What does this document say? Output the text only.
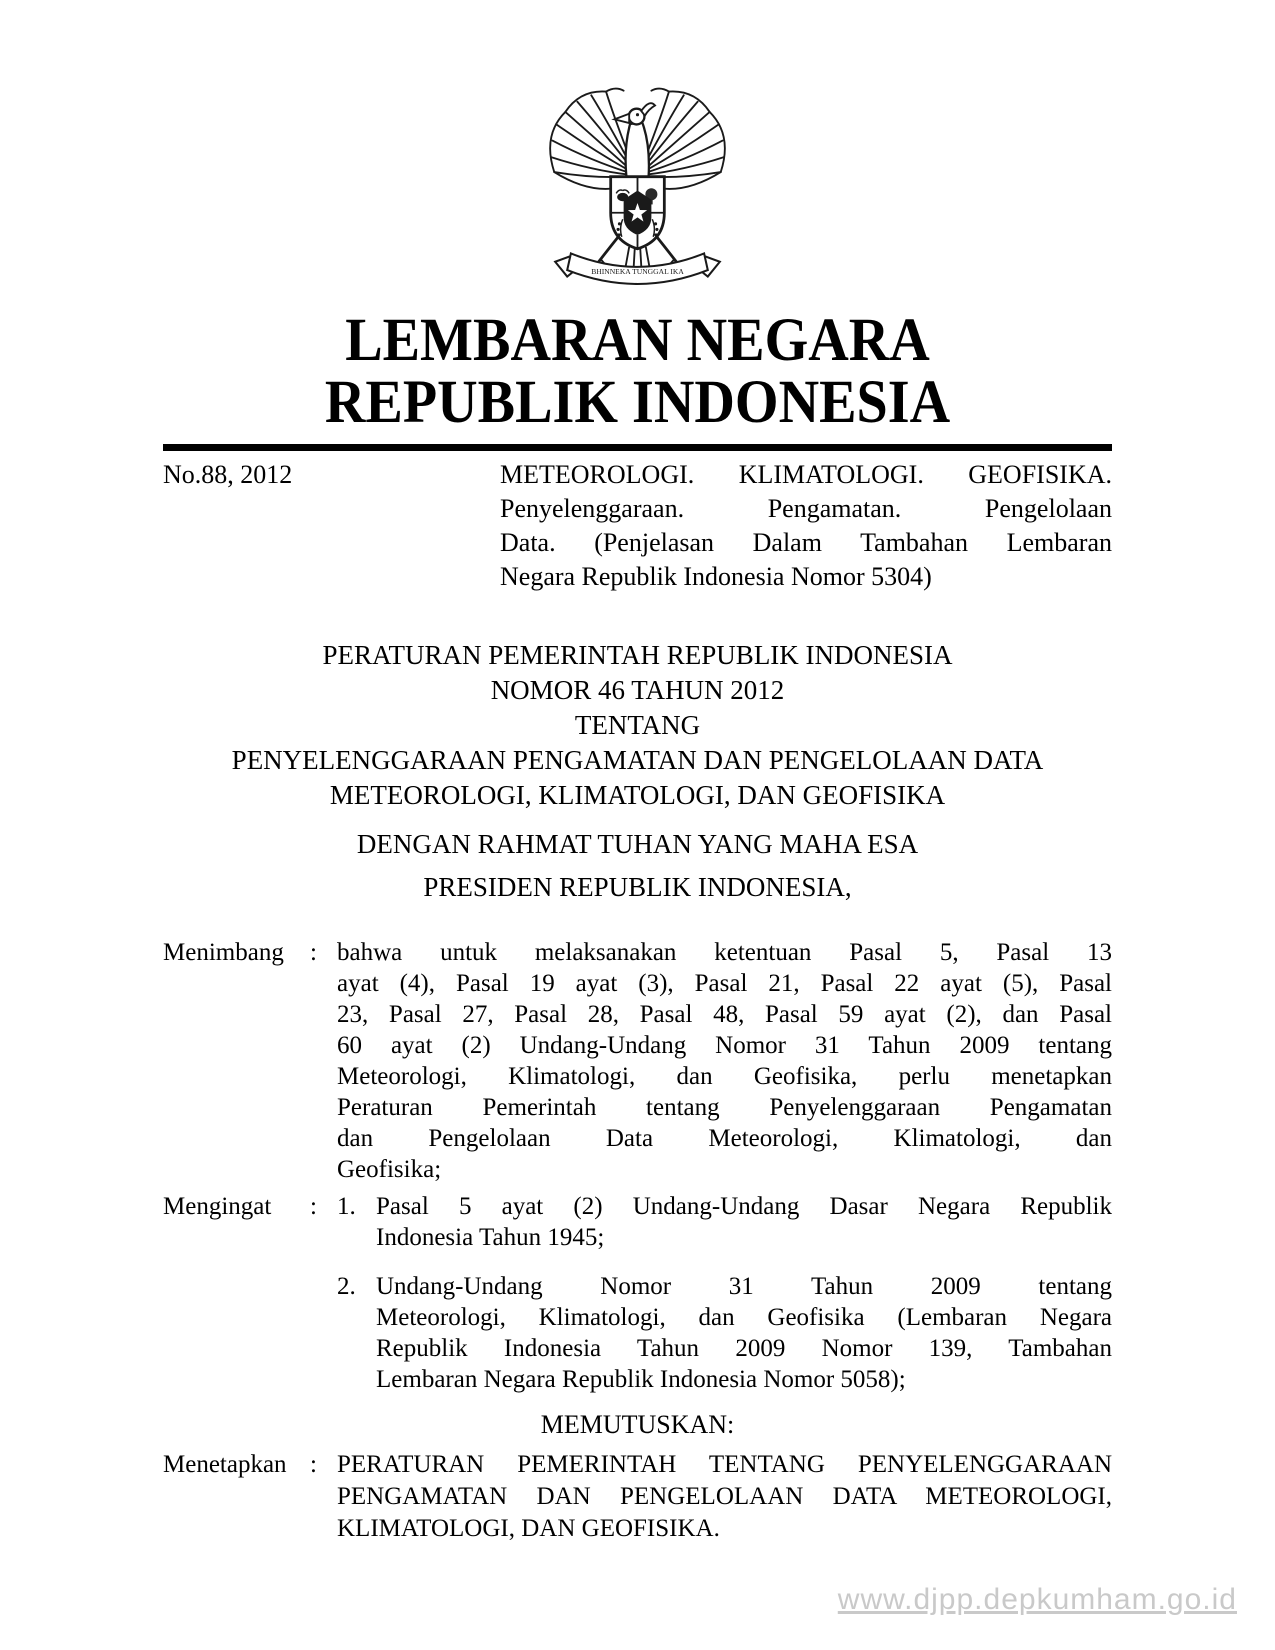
BHINNEKA TUNGGAL IKA
LEMBARAN NEGARA
REPUBLIK INDONESIA
No.88, 2012	METEOROLOGI. KLIMATOLOGI. GEOFISIKA.
Penyelenggaraan. Pengamatan. Pengelolaan
Data. (Penjelasan Dalam Tambahan Lembaran
Negara Republik Indonesia Nomor 5304)
PERATURAN PEMERINTAH REPUBLIK INDONESIA
NOMOR 46 TAHUN 2012
TENTANG
PENYELENGGARAAN PENGAMATAN DAN PENGELOLAAN DATA
METEOROLOGI, KLIMATOLOGI, DAN GEOFISIKA
DENGAN RAHMAT TUHAN YANG MAHA ESA
PRESIDEN REPUBLIK INDONESIA,
Menimbang	: bahwa untuk melaksanakan ketentuan Pasal 5, Pasal 13
ayat (4), Pasal 19 ayat (3), Pasal 21, Pasal 22 ayat (5), Pasal
23, Pasal 27, Pasal 28, Pasal 48, Pasal 59 ayat (2), dan Pasal
60 ayat (2) Undang-Undang Nomor 31 Tahun 2009 tentang
Meteorologi, Klimatologi, dan Geofisika, perlu menetapkan
Peraturan Pemerintah tentang Penyelenggaraan Pengamatan
dan Pengelolaan Data Meteorologi, Klimatologi, dan
Geofisika;
Mengingat	: 1. Pasal 5 ayat (2) Undang-Undang Dasar Negara Republik
Indonesia Tahun 1945;
2. Undang-Undang Nomor 31 Tahun 2009 tentang
Meteorologi, Klimatologi, dan Geofisika (Lembaran Negara
Republik Indonesia Tahun 2009 Nomor 139, Tambahan
Lembaran Negara Republik Indonesia Nomor 5058);
MEMUTUSKAN:
Menetapkan : PERATURAN PEMERINTAH TENTANG PENYELENGGARAAN
PENGAMATAN DAN PENGELOLAAN DATA METEOROLOGI,
KLIMATOLOGI, DAN GEOFISIKA.
www.djpp.depkumham.go.id
